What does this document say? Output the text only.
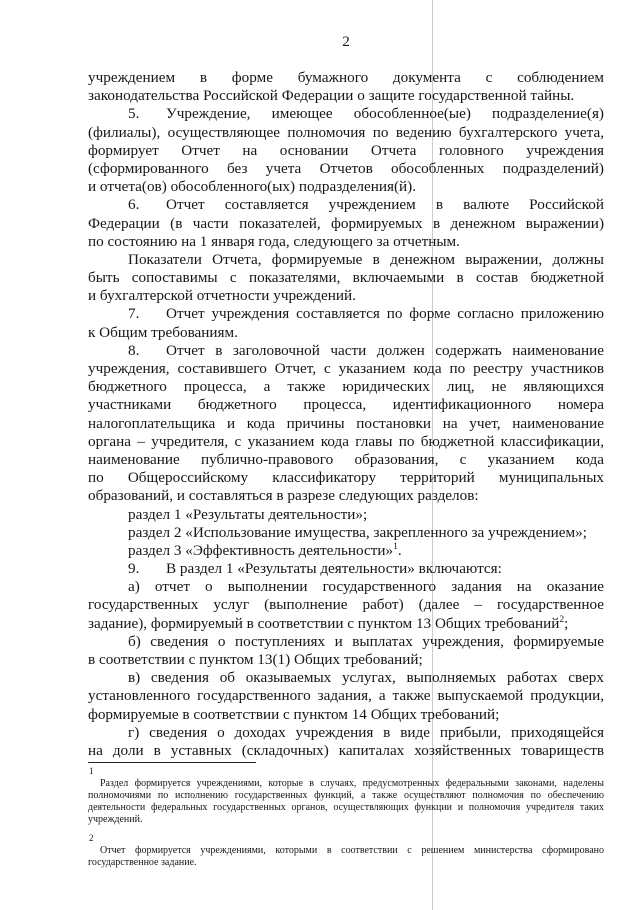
2
учреждением в форме бумажного документа с соблюдением
законодательства Российской Федерации о защите государственной тайны.
5. Учреждение, имеющее обособленное(ые) подразделение(я)
(филиалы), осуществляющее полномочия по ведению бухгалтерского учета,
формирует Отчет на основании Отчета головного учреждения
(сформированного без учета Отчетов обособленных подразделений)
и отчета(ов) обособленного(ых) подразделения(й).
6. Отчет составляется учреждением в валюте Российской
Федерации (в части показателей, формируемых в денежном выражении)
по состоянию на 1 января года, следующего за отчетным.
Показатели Отчета, формируемые в денежном выражении, должны
быть сопоставимы с показателями, включаемыми в состав бюджетной
и бухгалтерской отчетности учреждений.
7. Отчет учреждения составляется по форме согласно приложению
к Общим требованиям.
8. Отчет в заголовочной части должен содержать наименование
учреждения, составившего Отчет, с указанием кода по реестру участников
бюджетного процесса, а также юридических лиц, не являющихся
участниками бюджетного процесса, идентификационного номера
налогоплательщика и кода причины постановки на учет, наименование
органа – учредителя, с указанием кода главы по бюджетной классификации,
наименование публично-правового образования, с указанием кода
по Общероссийскому классификатору территорий муниципальных
образований, и составляться в разрезе следующих разделов:
раздел 1 «Результаты деятельности»;
раздел 2 «Использование имущества, закрепленного за учреждением»;
раздел 3 «Эффективность деятельности»$^1$.
9. В раздел 1 «Результаты деятельности» включаются:
а) отчет о выполнении государственного задания на оказание
государственных услуг (выполнение работ) (далее – государственное
задание), формируемый в соответствии с пунктом 13 Общих требований$^2$;
б) сведения о поступлениях и выплатах учреждения, формируемые
в соответствии с пунктом 13(1) Общих требований;
в) сведения об оказываемых услугах, выполняемых работах сверх
установленного государственного задания, а также выпускаемой продукции,
формируемые в соответствии с пунктом 14 Общих требований;
г) сведения о доходах учреждения в виде прибыли, приходящейся
на доли в уставных (складочных) капиталах хозяйственных товариществ
1
Раздел формируется учреждениями, которые в случаях, предусмотренных федеральными законами, наделены
полномочиями по исполнению государственных функций, а также осуществляют полномочия по обеспечению
деятельности федеральных государственных органов, осуществляющих функции и полномочия учредителя таких
учреждений.
2
Отчет формируется учреждениями, которыми в соответствии с решением министерства сформировано
государственное задание.
